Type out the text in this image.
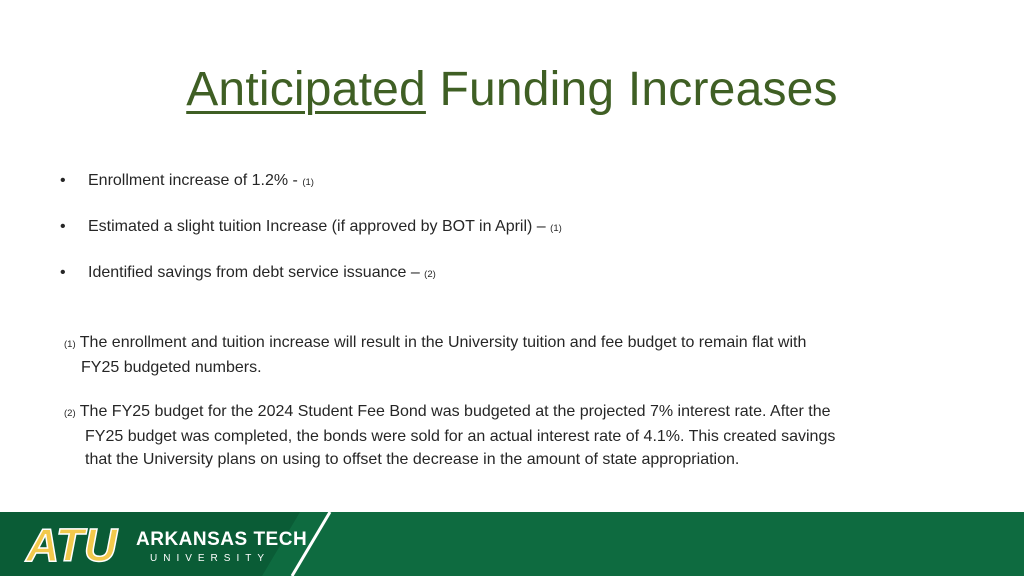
Anticipated Funding Increases
• Enrollment increase of 1.2% - (1)
• Estimated a slight tuition Increase (if approved by BOT in April) – (1)
• Identified savings from debt service issuance – (2)
(1) The enrollment and tuition increase will result in the University tuition and fee budget to remain flat with
FY25 budgeted numbers.
(2) The FY25 budget for the 2024 Student Fee Bond was budgeted at the projected 7% interest rate. After the
FY25 budget was completed, the bonds were sold for an actual interest rate of 4.1%. This created savings
that the University plans on using to offset the decrease in the amount of state appropriation.
ATU ARKANSAS TECH
UNIVERSITY
